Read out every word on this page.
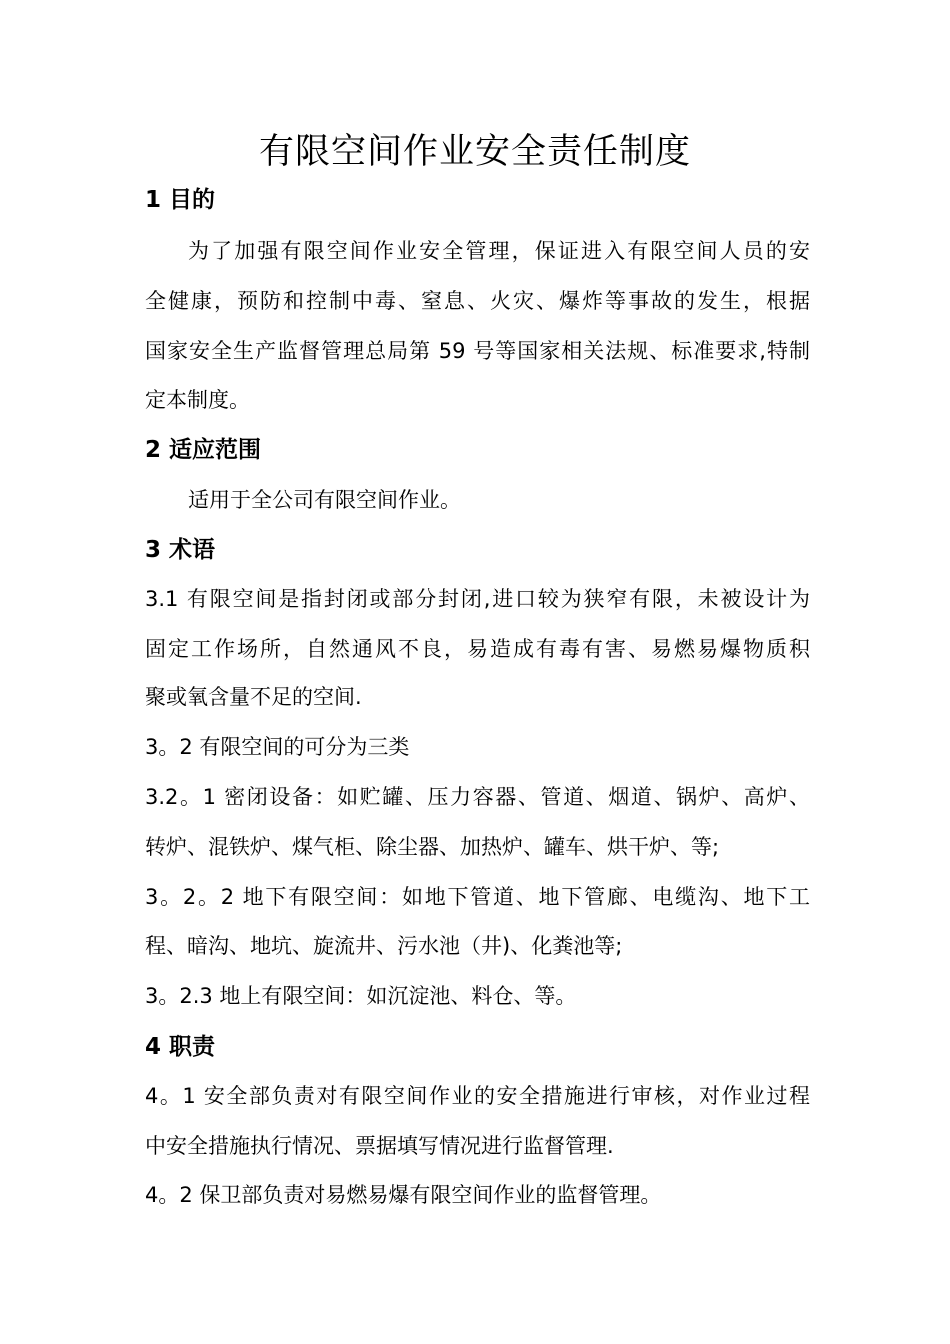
有限空间作业安全责任制度
1 目的
为了加强有限空间作业安全管理，保证进入有限空间人员的安
全健康，预防和控制中毒、窒息、火灾、爆炸等事故的发生，根据
国家安全生产监督管理总局第 59 号等国家相关法规、标准要求,特制
定本制度。
2 适应范围
适用于全公司有限空间作业。
3 术语
3.1 有限空间是指封闭或部分封闭,进口较为狭窄有限，未被设计为
固定工作场所，自然通风不良，易造成有毒有害、易燃易爆物质积
聚或氧含量不足的空间.
3。2 有限空间的可分为三类
3.2。1 密闭设备：如贮罐、压力容器、管道、烟道、锅炉、高炉、
转炉、混铁炉、煤气柜、除尘器、加热炉、罐车、烘干炉、等;
3。2。2 地下有限空间：如地下管道、地下管廊、电缆沟、地下工
程、暗沟、地坑、旋流井、污水池（井)、化粪池等;
3。2.3 地上有限空间：如沉淀池、料仓、等。
4 职责
4。1 安全部负责对有限空间作业的安全措施进行审核，对作业过程
中安全措施执行情况、票据填写情况进行监督管理.
4。2 保卫部负责对易燃易爆有限空间作业的监督管理。
